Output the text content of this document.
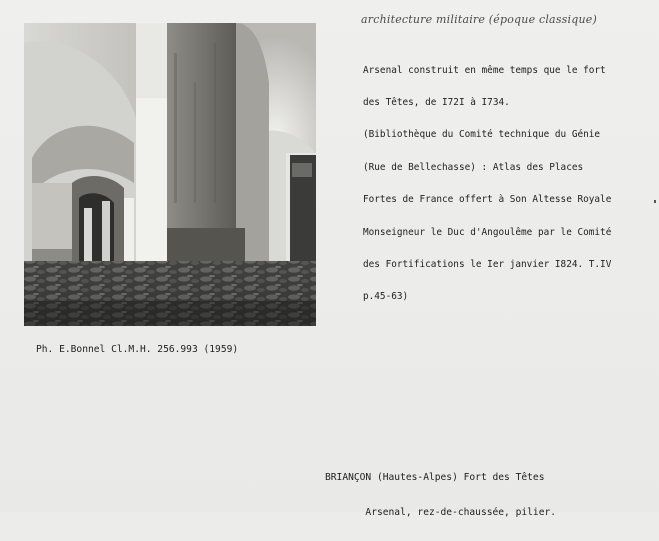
architecture militaire (époque classique)

Arsenal construit en même temps que le fort

des Têtes, de I72I à I734.

(Bibliothèque du Comité technique du Génie

(Rue de Bellechasse) : Atlas des Places

Fortes de France offert à Son Altesse Royale

Monseigneur le Duc d'Angoulême par le Comité

des Fortifications le Ier janvier I824. T.IV

p.45-63)

Ph. E.Bonnel Cl.M.H. 256.993 (1959)

BRIANÇON (Hautes-Alpes) Fort des Têtes

Arsenal, rez-de-chaussée, pilier.
